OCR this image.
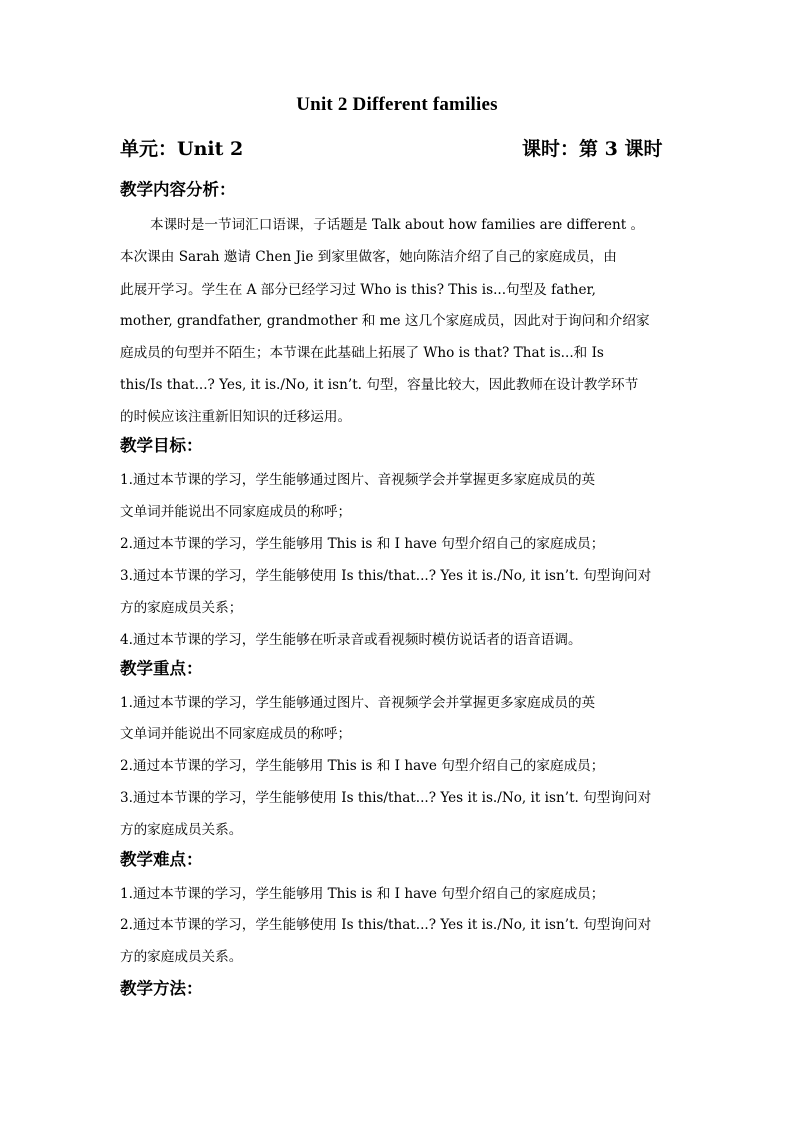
Unit 2 Different families
单元：Unit 2	课时：第 3 课时
教学内容分析：
本课时是一节词汇口语课，子话题是 Talk about how families are different 。
本次课由 Sarah 邀请 Chen Jie 到家里做客，她向陈洁介绍了自己的家庭成员，由
此展开学习。学生在 A 部分已经学习过 Who is this? This is...句型及 father,
mother, grandfather, grandmother 和 me 这几个家庭成员，因此对于询问和介绍家
庭成员的句型并不陌生；本节课在此基础上拓展了 Who is that? That is...和 Is
this/Is that...? Yes, it is./No, it isn’t. 句型，容量比较大，因此教师在设计教学环节
的时候应该注重新旧知识的迁移运用。
教学目标：
1.通过本节课的学习，学生能够通过图片、音视频学会并掌握更多家庭成员的英
文单词并能说出不同家庭成员的称呼；
2.通过本节课的学习，学生能够用 This is 和 I have 句型介绍自己的家庭成员；
3.通过本节课的学习，学生能够使用 Is this/that...? Yes it is./No, it isn’t. 句型询问对
方的家庭成员关系；
4.通过本节课的学习，学生能够在听录音或看视频时模仿说话者的语音语调。
教学重点：
1.通过本节课的学习，学生能够通过图片、音视频学会并掌握更多家庭成员的英
文单词并能说出不同家庭成员的称呼；
2.通过本节课的学习，学生能够用 This is 和 I have 句型介绍自己的家庭成员；
3.通过本节课的学习，学生能够使用 Is this/that...? Yes it is./No, it isn’t. 句型询问对
方的家庭成员关系。
教学难点：
1.通过本节课的学习，学生能够用 This is 和 I have 句型介绍自己的家庭成员；
2.通过本节课的学习，学生能够使用 Is this/that...? Yes it is./No, it isn’t. 句型询问对
方的家庭成员关系。
教学方法：
